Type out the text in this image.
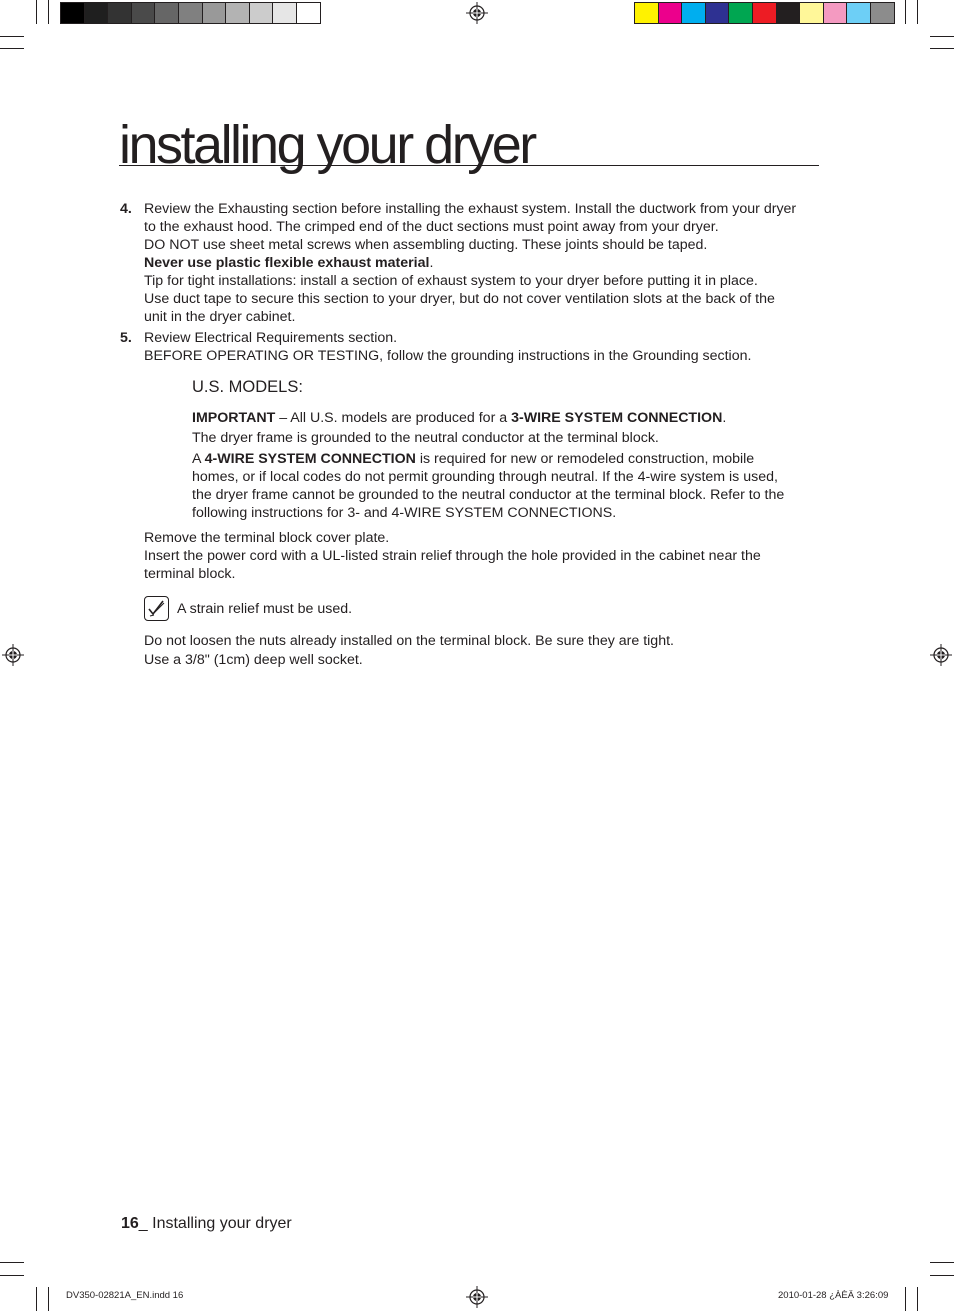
installing your dryer
4. Review the Exhausting section before installing the exhaust system. Install the ductwork from your dryer
to the exhaust hood. The crimped end of the duct sections must point away from your dryer.
DO NOT use sheet metal screws when assembling ducting. These joints should be taped.
Never use plastic flexible exhaust material.
Tip for tight installations: install a section of exhaust system to your dryer before putting it in place.
Use duct tape to secure this section to your dryer, but do not cover ventilation slots at the back of the
unit in the dryer cabinet.
5. Review Electrical Requirements section.
BEFORE OPERATING OR TESTING, follow the grounding instructions in the Grounding section.
U.S. MODELS:
IMPORTANT – All U.S. models are produced for a 3-WIRE SYSTEM CONNECTION.
The dryer frame is grounded to the neutral conductor at the terminal block.
A 4-WIRE SYSTEM CONNECTION is required for new or remodeled construction, mobile
homes, or if local codes do not permit grounding through neutral. If the 4-wire system is used,
the dryer frame cannot be grounded to the neutral conductor at the terminal block. Refer to the
following instructions for 3- and 4-WIRE SYSTEM CONNECTIONS.
Remove the terminal block cover plate.
Insert the power cord with a UL-listed strain relief through the hole provided in the cabinet near the
terminal block.
A strain relief must be used.
Do not loosen the nuts already installed on the terminal block. Be sure they are tight.
Use a 3/8" (1cm) deep well socket.
16_ Installing your dryer
DV350-02821A_EN.indd 16	2010-01-28 ¿ÀÈÄ 3:26:09
